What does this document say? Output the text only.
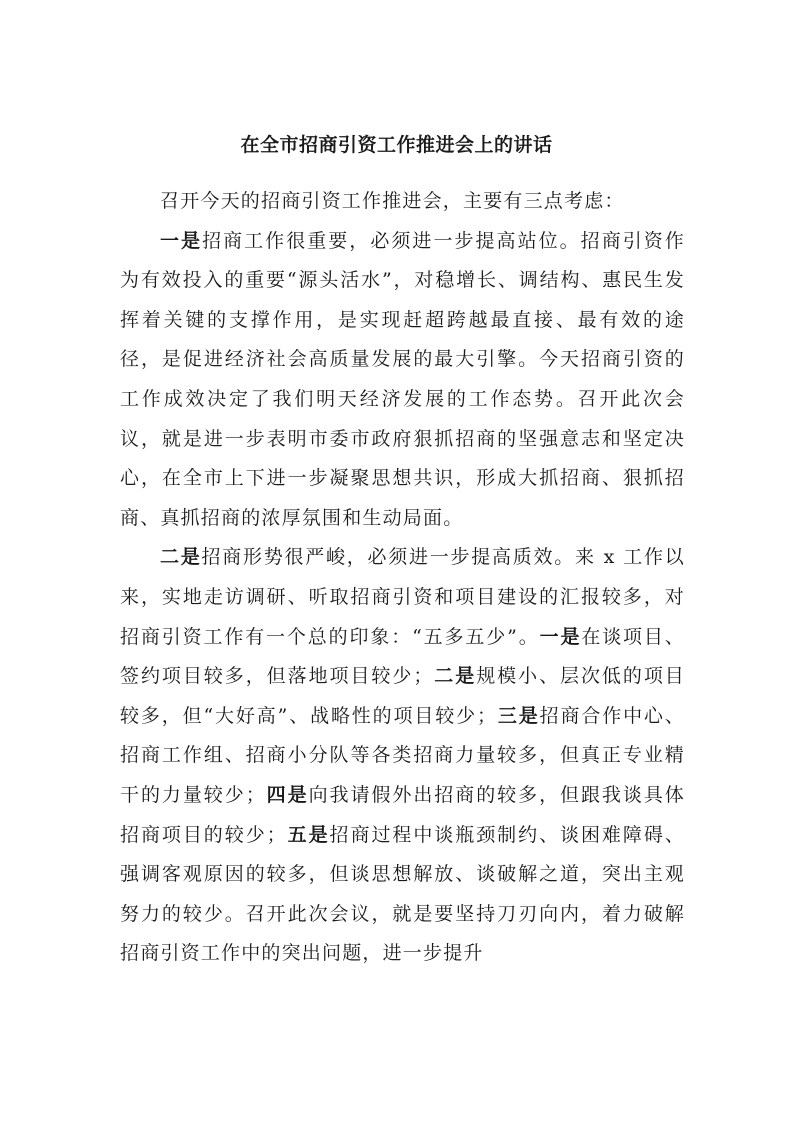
在全市招商引资工作推进会上的讲话

召开今天的招商引资工作推进会，主要有三点考虑：

一是招商工作很重要，必须进一步提高站位。招商引资作为有效投入的重要“源头活水”，对稳增长、调结构、惠民生发挥着关键的支撑作用，是实现赶超跨越最直接、最有效的途径，是促进经济社会高质量发展的最大引擎。今天招商引资的工作成效决定了我们明天经济发展的工作态势。召开此次会议，就是进一步表明市委市政府狠抓招商的坚强意志和坚定决心，在全市上下进一步凝聚思想共识，形成大抓招商、狠抓招商、真抓招商的浓厚氛围和生动局面。

二是招商形势很严峻，必须进一步提高质效。来 x 工作以来，实地走访调研、听取招商引资和项目建设的汇报较多，对招商引资工作有一个总的印象：“五多五少”。一是在谈项目、签约项目较多，但落地项目较少；二是规模小、层次低的项目较多，但“大好高”、战略性的项目较少；三是招商合作中心、招商工作组、招商小分队等各类招商力量较多，但真正专业精干的力量较少；四是向我请假外出招商的较多，但跟我谈具体招商项目的较少；五是招商过程中谈瓶颈制约、谈困难障碍、强调客观原因的较多，但谈思想解放、谈破解之道，突出主观努力的较少。召开此次会议，就是要坚持刀刃向内，着力破解招商引资工作中的突出问题，进一步提升
